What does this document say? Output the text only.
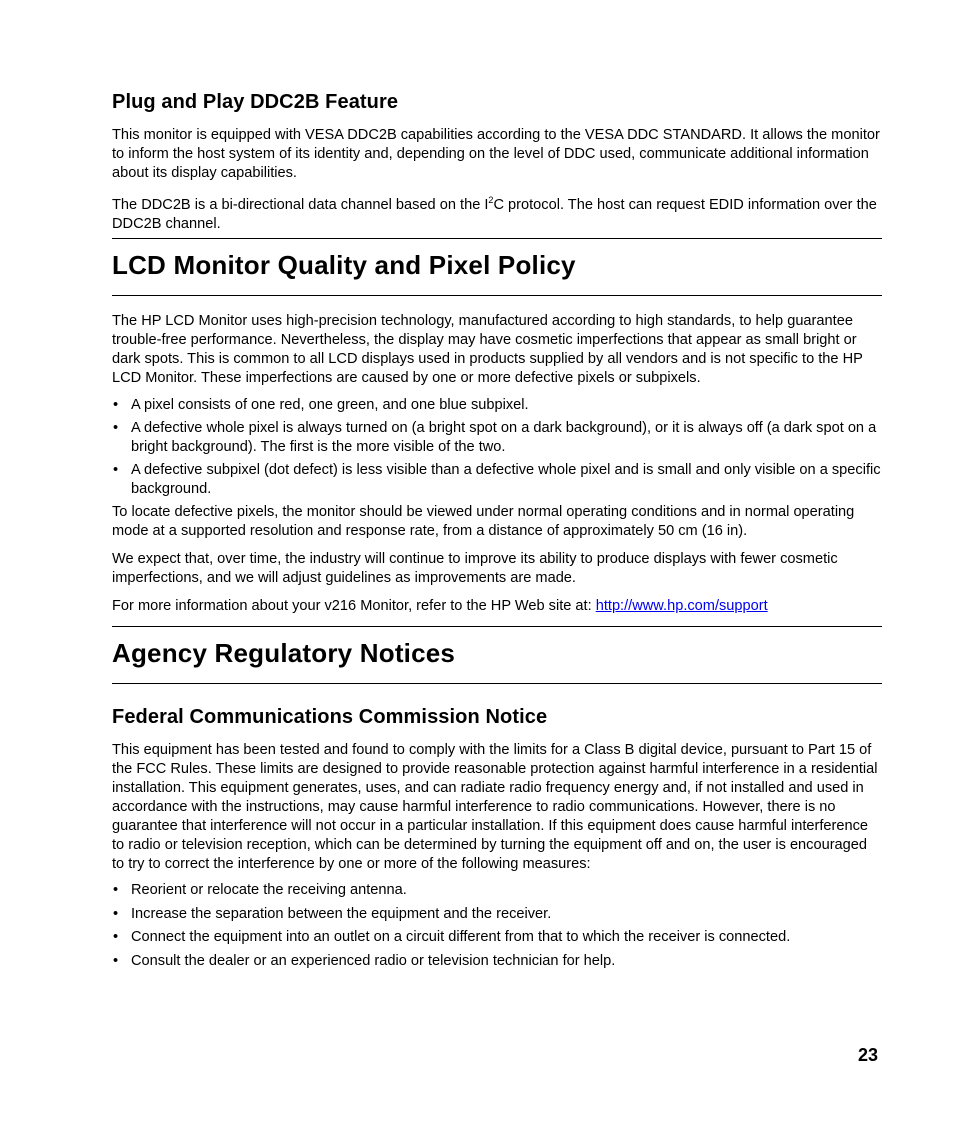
Plug and Play DDC2B Feature
This monitor is equipped with VESA DDC2B capabilities according to the VESA DDC STANDARD. It allows the monitor to inform the host system of its identity and, depending on the level of DDC used, communicate additional information about its display capabilities.
The DDC2B is a bi-directional data channel based on the $I^2C$ protocol. The host can request EDID information over the DDC2B channel.
LCD Monitor Quality and Pixel Policy
The HP LCD Monitor uses high-precision technology, manufactured according to high standards, to help guarantee trouble-free performance. Nevertheless, the display may have cosmetic imperfections that appear as small bright or dark spots. This is common to all LCD displays used in products supplied by all vendors and is not specific to the HP LCD Monitor. These imperfections are caused by one or more defective pixels or subpixels.
• A pixel consists of one red, one green, and one blue subpixel.
• A defective whole pixel is always turned on (a bright spot on a dark background), or it is always off (a dark spot on a bright background). The first is the more visible of the two.
• A defective subpixel (dot defect) is less visible than a defective whole pixel and is small and only visible on a specific background.
To locate defective pixels, the monitor should be viewed under normal operating conditions and in normal operating mode at a supported resolution and response rate, from a distance of approximately 50 cm (16 in).
We expect that, over time, the industry will continue to improve its ability to produce displays with fewer cosmetic imperfections, and we will adjust guidelines as improvements are made.
For more information about your v216 Monitor, refer to the HP Web site at: http://www.hp.com/support
Agency Regulatory Notices
Federal Communications Commission Notice
This equipment has been tested and found to comply with the limits for a Class B digital device, pursuant to Part 15 of the FCC Rules. These limits are designed to provide reasonable protection against harmful interference in a residential installation. This equipment generates, uses, and can radiate radio frequency energy and, if not installed and used in accordance with the instructions, may cause harmful interference to radio communications. However, there is no guarantee that interference will not occur in a particular installation. If this equipment does cause harmful interference to radio or television reception, which can be determined by turning the equipment off and on, the user is encouraged to try to correct the interference by one or more of the following measures:
• Reorient or relocate the receiving antenna.
• Increase the separation between the equipment and the receiver.
• Connect the equipment into an outlet on a circuit different from that to which the receiver is connected.
• Consult the dealer or an experienced radio or television technician for help.
23
